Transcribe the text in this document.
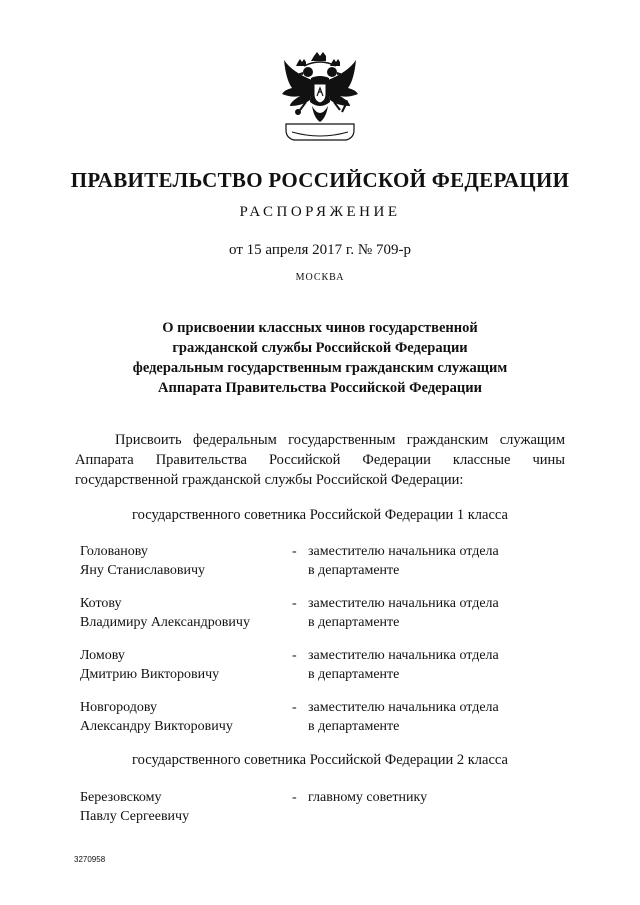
ПРАВИТЕЛЬСТВО РОССИЙСКОЙ ФЕДЕРАЦИИ
РАСПОРЯЖЕНИЕ
от 15 апреля 2017 г. № 709-р
МОСКВА
О присвоении классных чинов государственной
гражданской службы Российской Федерации
федеральным государственным гражданским служащим
Аппарата Правительства Российской Федерации
Присвоить федеральным государственным гражданским служащим
Аппарата Правительства Российской Федерации классные чины
государственной гражданской службы Российской Федерации:
государственного советника Российской Федерации 1 класса
Голованову
Яну Станиславовичу
- заместителю начальника отдела
в департаменте
Котову
Владимиру Александровичу
- заместителю начальника отдела
в департаменте
Ломову
Дмитрию Викторовичу
- заместителю начальника отдела
в департаменте
Новгородову
Александру Викторовичу
- заместителю начальника отдела
в департаменте
государственного советника Российской Федерации 2 класса
Березовскому
Павлу Сергеевичу
- главному советнику
3270958
